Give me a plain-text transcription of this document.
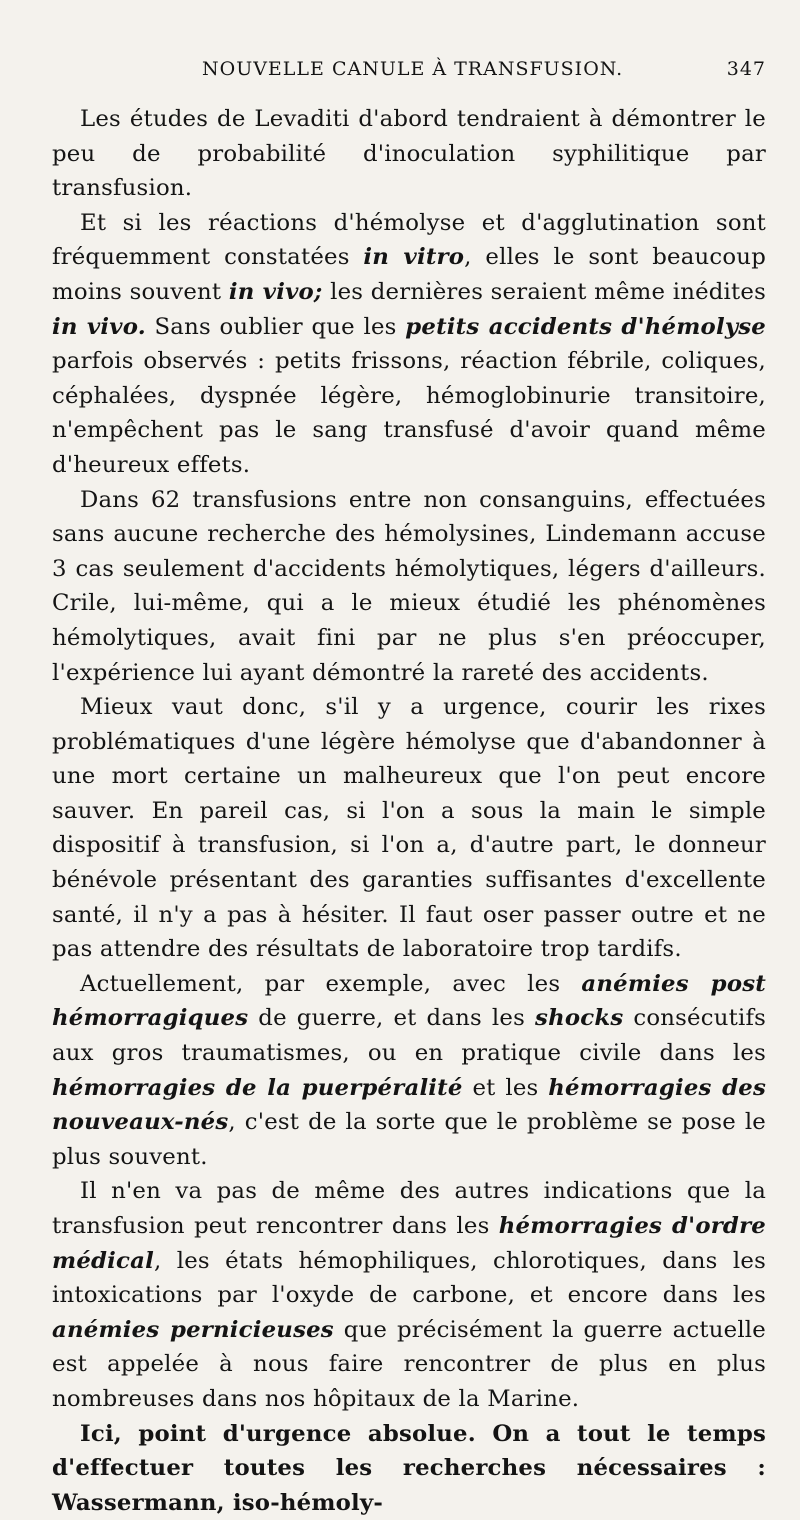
NOUVELLE CANULE À TRANSFUSION.	347

Les études de Levaditi d'abord tendraient à démontrer le peu de probabilité d'inoculation syphilitique par transfusion.

Et si les réactions d'hémolyse et d'agglutination sont fréquemment constatées in vitro, elles le sont beaucoup moins souvent in vivo; les dernières seraient même inédites in vivo. Sans oublier que les petits accidents d'hémolyse parfois observés : petits frissons, réaction fébrile, coliques, céphalées, dyspnée légère, hémoglobinurie transitoire, n'empêchent pas le sang transfusé d'avoir quand même d'heureux effets.

Dans 62 transfusions entre non consanguins, effectuées sans aucune recherche des hémolysines, Lindemann accuse 3 cas seulement d'accidents hémolytiques, légers d'ailleurs. Crile, lui-même, qui a le mieux étudié les phénomènes hémolytiques, avait fini par ne plus s'en préoccuper, l'expérience lui ayant démontré la rareté des accidents.

Mieux vaut donc, s'il y a urgence, courir les rixes problématiques d'une légère hémolyse que d'abandonner à une mort certaine un malheureux que l'on peut encore sauver. En pareil cas, si l'on a sous la main le simple dispositif à transfusion, si l'on a, d'autre part, le donneur bénévole présentant des garanties suffisantes d'excellente santé, il n'y a pas à hésiter. Il faut oser passer outre et ne pas attendre des résultats de laboratoire trop tardifs.

Actuellement, par exemple, avec les anémies post hémorragiques de guerre, et dans les shocks consécutifs aux gros traumatismes, ou en pratique civile dans les hémorragies de la puerpéralité et les hémorragies des nouveaux-nés, c'est de la sorte que le problème se pose le plus souvent.

Il n'en va pas de même des autres indications que la transfusion peut rencontrer dans les hémorragies d'ordre médical, les états hémophiliques, chlorotiques, dans les intoxications par l'oxyde de carbone, et encore dans les anémies pernicieuses que précisément la guerre actuelle est appelée à nous faire rencontrer de plus en plus nombreuses dans nos hôpitaux de la Marine.

Ici, point d'urgence absolue. On a tout le temps d'effectuer toutes les recherches nécessaires : Wassermann, iso-hémoly-
